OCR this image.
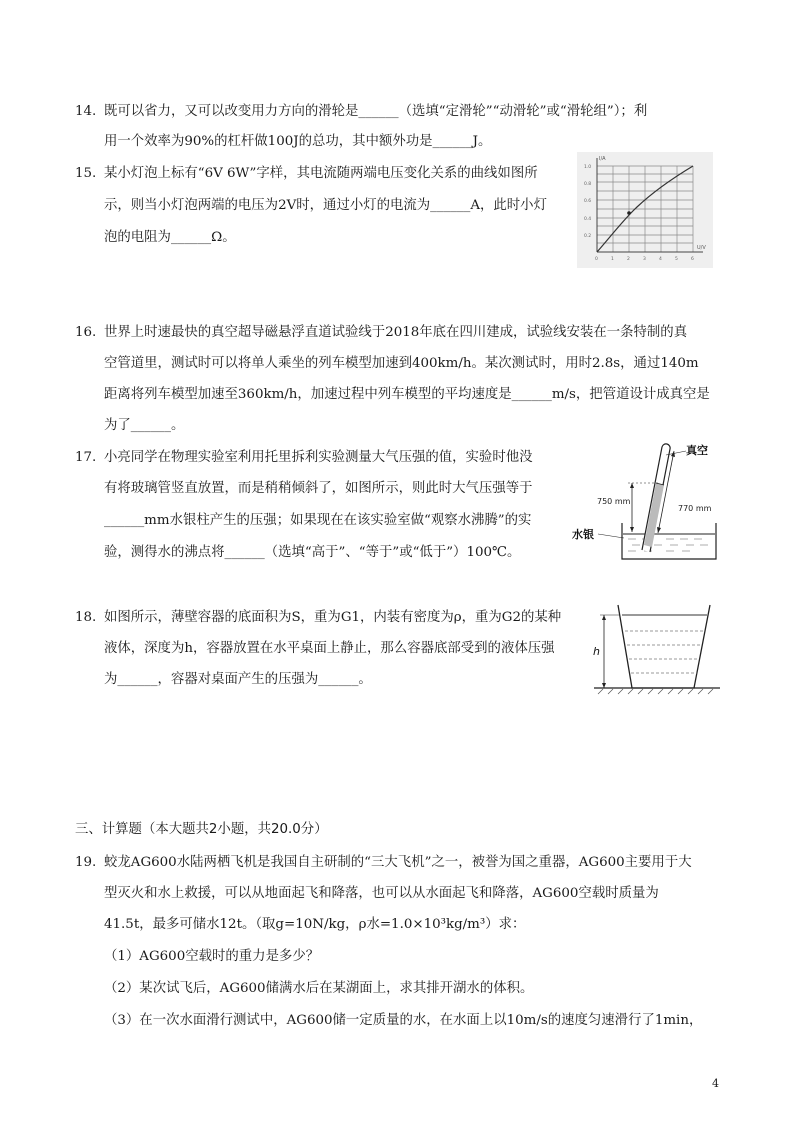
14. 既可以省力，又可以改变用力方向的滑轮是______（选填“定滑轮”“动滑轮”或“滑轮组”）；利
用一个效率为90%的杠杆做100J的总功，其中额外功是______J。
15. 某小灯泡上标有“6V 6W”字样，其电流随两端电压变化关系的曲线如图所
示，则当小灯泡两端的电压为2V时，通过小灯的电流为______A，此时小灯
泡的电阻为______Ω。
I/A
U/V
1.0
0.8
0.6
0.4
0.2
0	1	2	3	4	5	6
16. 世界上时速最快的真空超导磁悬浮直道试验线于2018年底在四川建成，试验线安装在一条特制的真
空管道里，测试时可以将单人乘坐的列车模型加速到400km/h。某次测试时，用时2.8s，通过140m
距离将列车模型加速至360km/h，加速过程中列车模型的平均速度是______m/s，把管道设计成真空是
为了______。
17. 小亮同学在物理实验室利用托里拆利实验测量大气压强的值，实验时他没
有将玻璃管竖直放置，而是稍稍倾斜了，如图所示，则此时大气压强等于
______mm水银柱产生的压强；如果现在在该实验室做“观察水沸腾”的实
验，测得水的沸点将______（选填“高于”、“等于”或“低于”）100℃。
750 mm
770 mm
真空
水银
18. 如图所示，薄壁容器的底面积为S，重为G1，内装有密度为ρ，重为G2的某种
液体，深度为h，容器放置在水平桌面上静止，那么容器底部受到的液体压强
为______，容器对桌面产生的压强为______。
h
三、计算题（本大题共2小题，共20.0分）
19. 蛟龙AG600水陆两栖飞机是我国自主研制的“三大飞机”之一，被誉为国之重器，AG600主要用于大
型灭火和水上救援，可以从地面起飞和降落，也可以从水面起飞和降落，AG600空载时质量为
41.5t，最多可储水12t。（取g=10N/kg，ρ水=1.0×10³kg/m³）求：
（1）AG600空载时的重力是多少？
（2）某次试飞后，AG600储满水后在某湖面上，求其排开湖水的体积。
（3）在一次水面滑行测试中，AG600储一定质量的水，在水面上以10m/s的速度匀速滑行了1min，
4
